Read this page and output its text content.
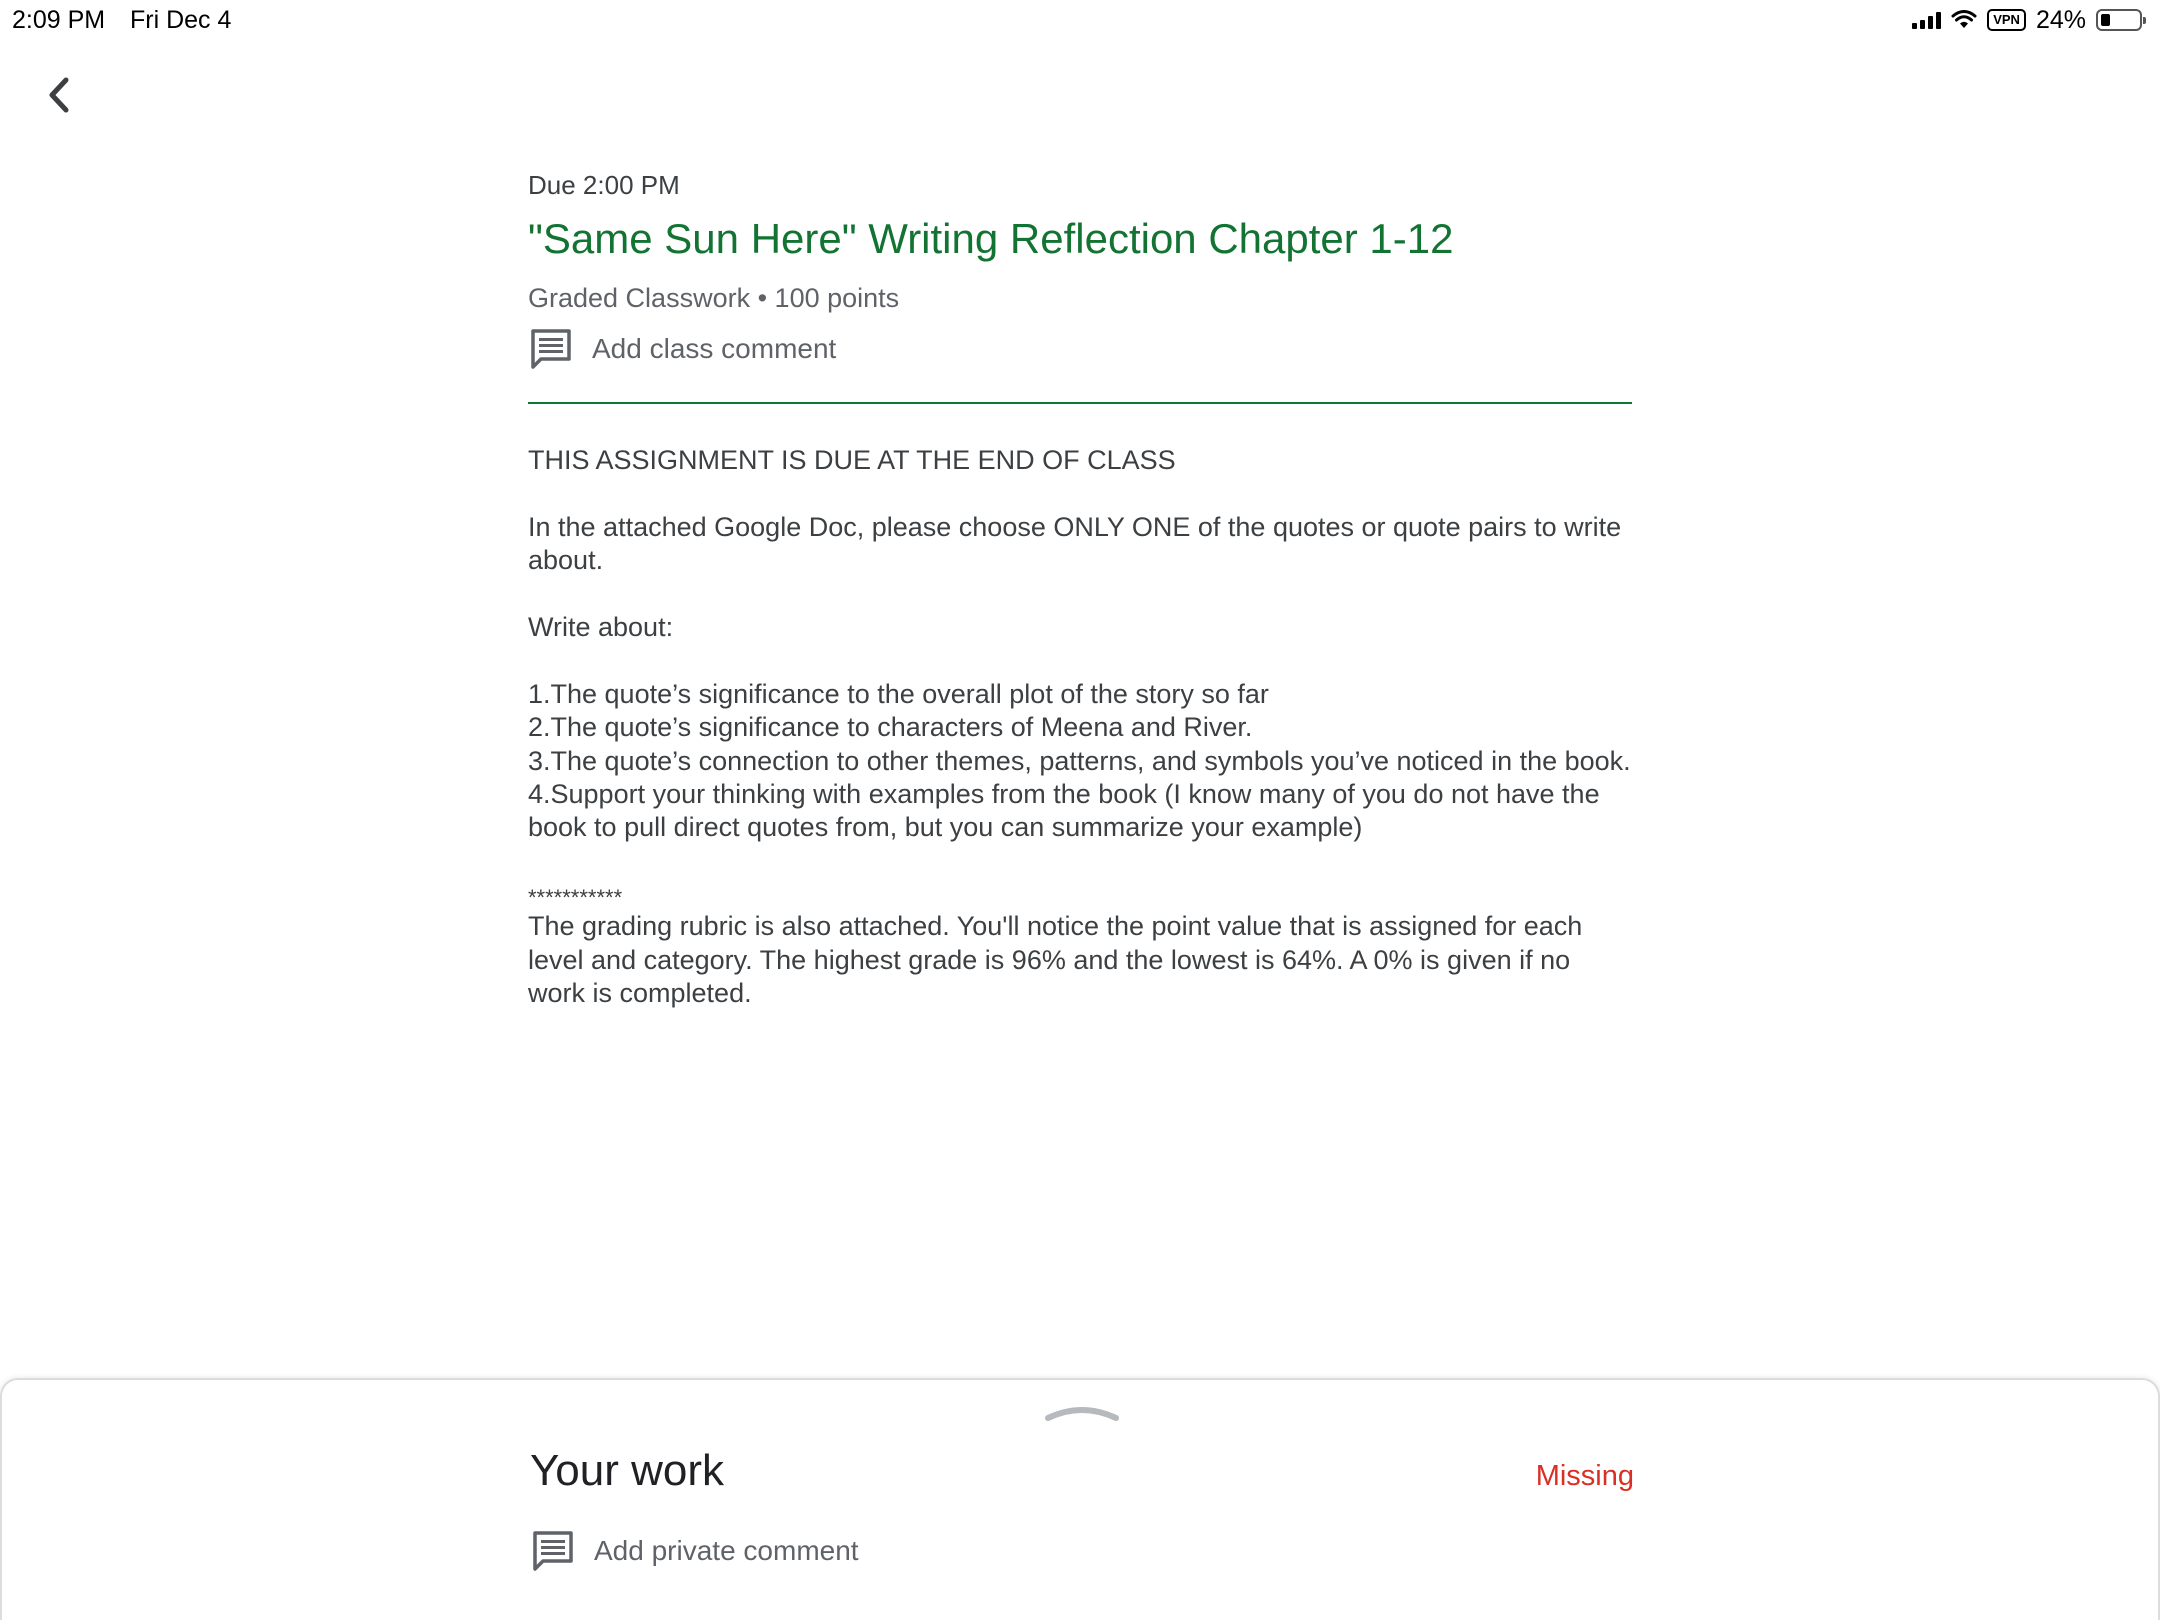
2:09 PM Fri Dec 4	VPN 24%
Due 2:00 PM
"Same Sun Here" Writing Reflection Chapter 1-12
Graded Classwork • 100 points
Add class comment

THIS ASSIGNMENT IS DUE AT THE END OF CLASS

In the attached Google Doc, please choose ONLY ONE of the quotes or quote pairs to write about.

Write about:

1.The quote’s significance to the overall plot of the story so far

2.The quote’s significance to characters of Meena and River.

3.The quote’s connection to other themes, patterns, and symbols you’ve noticed in the book.

4.Support your thinking with examples from the book (I know many of you do not have the book to pull direct quotes from, but you can summarize your example)

***********

The grading rubric is also attached. You'll notice the point value that is assigned for each level and category. The highest grade is 96% and the lowest is 64%. A 0% is given if no work is completed.

Your work	Missing
Add private comment
